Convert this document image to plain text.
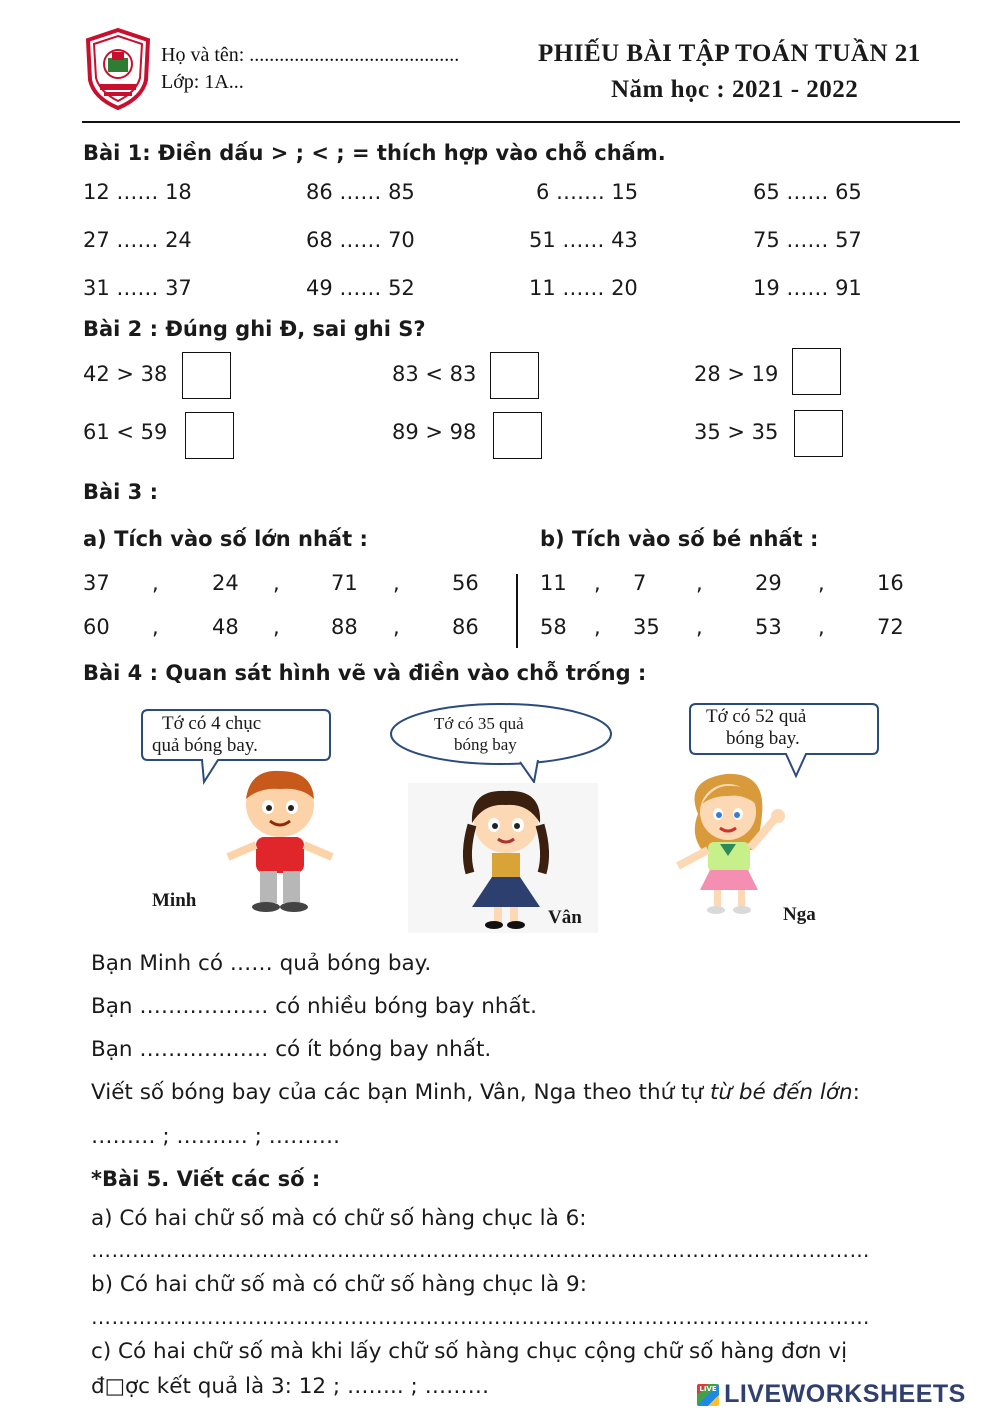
Họ và tên: ..........................................
Lớp: 1A...
PHIẾU BÀI TẬP TOÁN TUẦN 21
Năm học : 2021 - 2022
Bài 1: Điền dấu > ; < ; = thích hợp vào chỗ chấm.
12 …… 18	86 …… 85	6 ……. 15	65 …… 65
27 …… 24	68 …… 70	51 …… 43	75 …… 57
31 …… 37	49 …… 52	11 …… 20	19 …… 91
Bài 2 : Đúng ghi Đ, sai ghi S?
42 > 38	83 < 83	28 > 19
61 < 59	89 > 98	35 > 35
Bài 3 :
a) Tích vào số lớn nhất :	b) Tích vào số bé nhất :
37 ,	24 , 71 , 56
60 ,	48 , 88 , 86
11 , 7 , 29 , 16
58 , 35 , 53 , 72
Bài 4 : Quan sát hình vẽ và điền vào chỗ trống :
Tớ có 4 chục
quả bóng bay.
Tớ có 35 quả
bóng bay
Tớ có 52 quả
bóng bay.
Minh
Vân	Nga
Bạn Minh có …… quả bóng bay.
Bạn ……………… có nhiều bóng bay nhất.
Bạn ……………… có ít bóng bay nhất.
Viết số bóng bay của các bạn Minh, Vân, Nga theo thứ tự từ bé đến lớn:
……… ; ………. ; ……….
*Bài 5. Viết các số :
a) Có hai chữ số mà có chữ số hàng chục là 6:
……………………………………………………………………………………………………
b) Có hai chữ số mà có chữ số hàng chục là 9:
……………………………………………………………………………………………………
c) Có hai chữ số mà khi lấy chữ số hàng chục cộng chữ số hàng đơn vị
đ□ợc kết quả là 3: 12 ; …….. ; ………	LIVE LIVEWORKSHEETS
